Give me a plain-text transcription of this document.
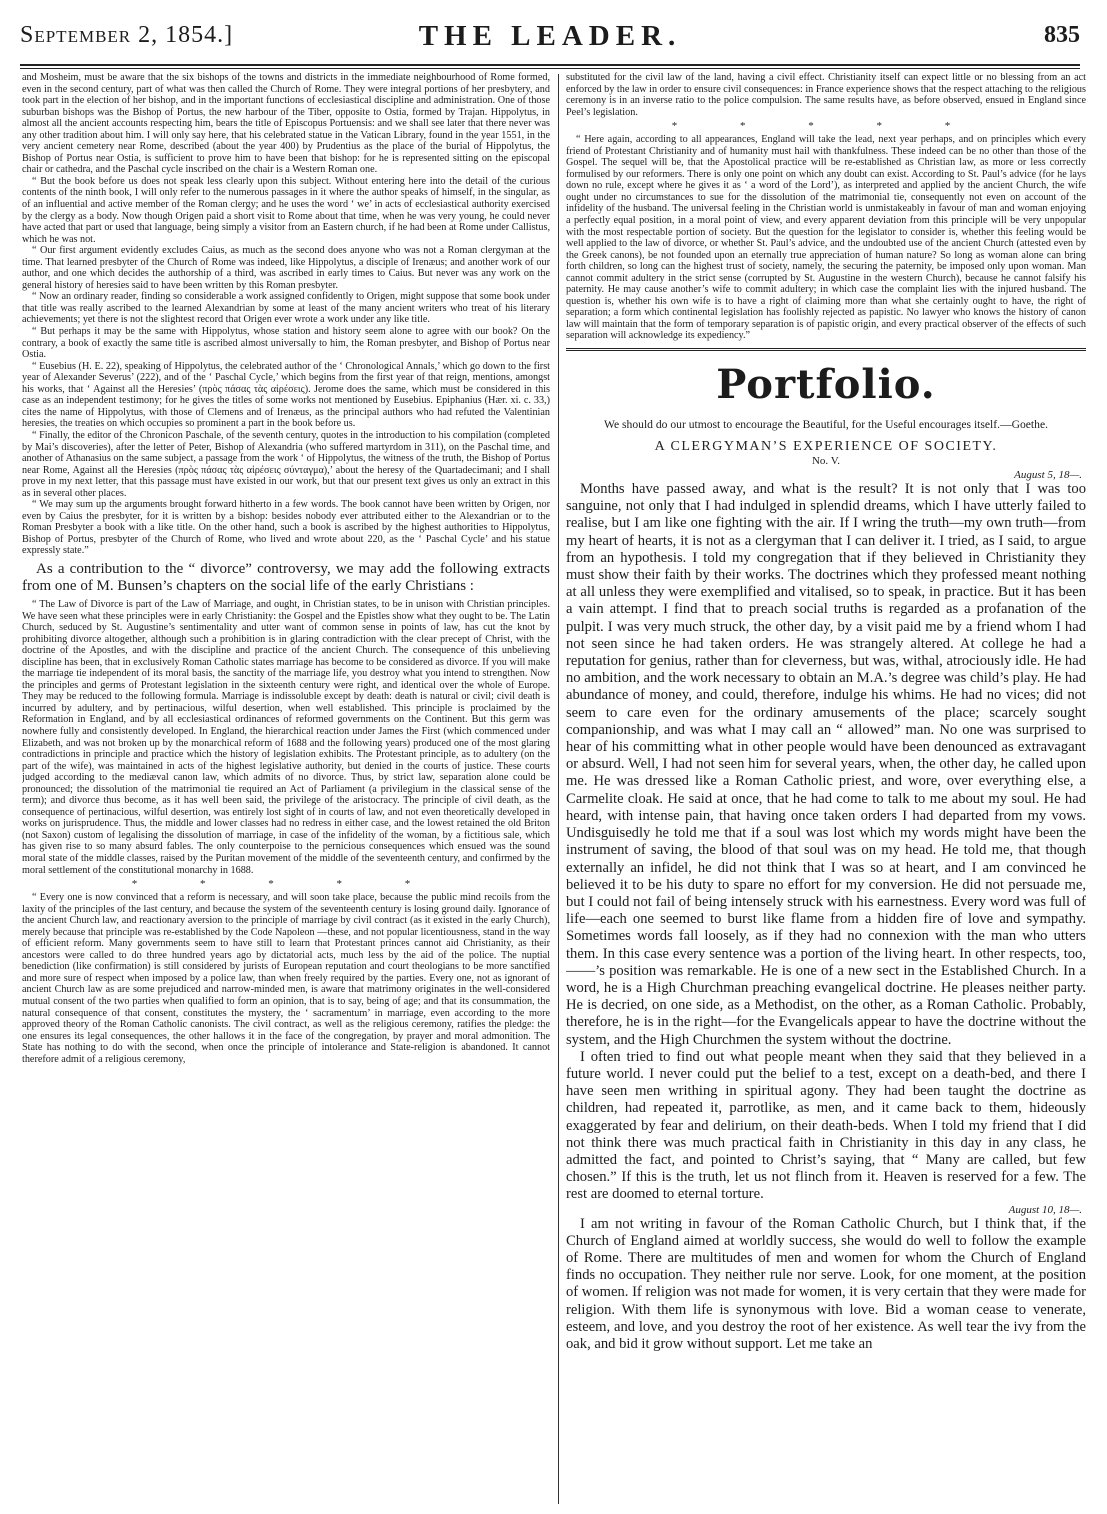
September 2, 1854.]	THE LEADER.	835

and Mosheim, must be aware that the six bishops of the towns and districts in the immediate neighbourhood of Rome formed, even in the second century, part of what was then called the Church of Rome. They were integral portions of her presbytery, and took part in the election of her bishop, and in the important functions of ecclesiastical discipline and administration. One of those suburban bishops was the Bishop of Portus, the new harbour of the Tiber, opposite to Ostia, formed by Trajan. Hippolytus, in almost all the ancient accounts respecting him, bears the title of Episcopus Portuensis: and we shall see later that there never was any other tradition about him. I will only say here, that his celebrated statue in the Vatican Library, found in the year 1551, in the very ancient cemetery near Rome, described (about the year 400) by Prudentius as the place of the burial of Hippolytus, the Bishop of Portus near Ostia, is sufficient to prove him to have been that bishop: for he is represented sitting on the episcopal chair or cathedra, and the Paschal cycle inscribed on the chair is a Western Roman one.

“ But the book before us does not speak less clearly upon this subject. Without entering here into the detail of the curious contents of the ninth book, I will only refer to the numerous passages in it where the author speaks of himself, in the singular, as of an influential and active member of the Roman clergy; and he uses the word ‘ we’ in acts of ecclesiastical authority exercised by the clergy as a body. Now though Origen paid a short visit to Rome about that time, when he was very young, he could never have acted that part or used that language, being simply a visitor from an Eastern church, if he had been at Rome under Callistus, which he was not.

“ Our first argument evidently excludes Caius, as much as the second does anyone who was not a Roman clergyman at the time. That learned presbyter of the Church of Rome was indeed, like Hippolytus, a disciple of Irenæus; and another work of our author, and one which decides the authorship of a third, was ascribed in early times to Caius. But never was any work on the general history of heresies said to have been written by this Roman presbyter.

“ Now an ordinary reader, finding so considerable a work assigned confidently to Origen, might suppose that some book under that title was really ascribed to the learned Alexandrian by some at least of the many ancient writers who treat of his literary achievements; yet there is not the slightest record that Origen ever wrote a work under any like title.

“ But perhaps it may be the same with Hippolytus, whose station and history seem alone to agree with our book? On the contrary, a book of exactly the same title is ascribed almost universally to him, the Roman presbyter, and Bishop of Portus near Ostia.

“ Eusebius (H. E. 22), speaking of Hippolytus, the celebrated author of the ‘ Chronological Annals,’ which go down to the first year of Alexander Severus’ (222), and of the ‘ Paschal Cycle,’ which begins from the first year of that reign, mentions, amongst his works, that ‘ Against all the Heresies’ (πρὸς πάσας τὰς αἱρέσεις). Jerome does the same, which must be considered in this case as an independent testimony; for he gives the titles of some works not mentioned by Eusebius. Epiphanius (Hær. xi. c. 33,) cites the name of Hippolytus, with those of Clemens and of Irenæus, as the principal authors who had refuted the Valentinian heresies, the treaties on which occupies so prominent a part in the book before us.

“ Finally, the editor of the Chronicon Paschale, of the seventh century, quotes in the introduction to his compilation (completed by Mai’s discoveries), after the letter of Peter, Bishop of Alexandria (who suffered martyrdom in 311), on the Paschal time, and another of Athanasius on the same subject, a passage from the work ‘ of Hippolytus, the witness of the truth, the Bishop of Portus near Rome, Against all the Heresies (πρὸς πάσας τὰς αἱρέσεις σύνταγμα),’ about the heresy of the Quartadecimani; and I shall prove in my next letter, that this passage must have existed in our work, but that our present text gives us only an extract in this as in several other places.

“ We may sum up the arguments brought forward hitherto in a few words. The book cannot have been written by Origen, nor even by Caius the presbyter, for it is written by a bishop: besides nobody ever attributed either to the Alexandrian or to the Roman Presbyter a book with a like title. On the other hand, such a book is ascribed by the highest authorities to Hippolytus, Bishop of Portus, presbyter of the Church of Rome, who lived and wrote about 220, as the ‘ Paschal Cycle’ and his statue expressly state.”

As a contribution to the “ divorce” controversy, we may add the following extracts from one of M. Bunsen’s chapters on the social life of the early Christians :

“ The Law of Divorce is part of the Law of Marriage, and ought, in Christian states, to be in unison with Christian principles. We have seen what these principles were in early Christianity: the Gospel and the Epistles show what they ought to be. The Latin Church, seduced by St. Augustine’s sentimentality and utter want of common sense in points of law, has cut the knot by prohibiting divorce altogether, although such a prohibition is in glaring contradiction with the clear precept of Christ, with the doctrine of the Apostles, and with the discipline and practice of the ancient Church. The consequence of this unbelieving discipline has been, that in exclusively Roman Catholic states marriage has become to be considered as divorce. If you will make the marriage tie independent of its moral basis, the sanctity of the marriage life, you destroy what you intend to strengthen. Now the principles and germs of Protestant legislation in the sixteenth century were right, and identical over the whole of Europe. They may be reduced to the following formula. Marriage is indissoluble except by death: death is natural or civil; civil death is incurred by adultery, and by pertinacious, wilful desertion, when well established. This principle is proclaimed by the Reformation in England, and by all ecclesiastical ordinances of reformed governments on the Continent. But this germ was nowhere fully and consistently developed. In England, the hierarchical reaction under James the First (which commenced under Elizabeth, and was not broken up by the monarchical reform of 1688 and the following years) produced one of the most glaring contradictions in principle and practice which the history of legislation exhibits. The Protestant principle, as to adultery (on the part of the wife), was maintained in acts of the highest legislative authority, but denied in the courts of justice. These courts judged according to the mediæval canon law, which admits of no divorce. Thus, by strict law, separation alone could be pronounced; the dissolution of the matrimonial tie required an Act of Parliament (a privilegium in the classical sense of the term); and divorce thus become, as it has well been said, the privilege of the aristocracy. The principle of civil death, as the consequence of pertinacious, wilful desertion, was entirely lost sight of in courts of law, and not even theoretically developed in works on jurisprudence. Thus, the middle and lower classes had no redress in either case, and the lowest retained the old Briton (not Saxon) custom of legalising the dissolution of marriage, in case of the infidelity of the woman, by a fictitious sale, which has given rise to so many absurd fables. The only counterpoise to the pernicious consequences which ensued was the sound moral state of the middle classes, raised by the Puritan movement of the middle of the seventeenth century, and confirmed by the moral settlement of the constitutional monarchy in 1688.

* * * * *

“ Every one is now convinced that a reform is necessary, and will soon take place, because the public mind recoils from the laxity of the principles of the last century, and because the system of the seventeenth century is losing ground daily. Ignorance of the ancient Church law, and reactionary aversion to the principle of marriage by civil contract (as it existed in the early Church), merely because that principle was re-established by the Code Napoleon —these, and not popular licentiousness, stand in the way of efficient reform. Many governments seem to have still to learn that Protestant princes cannot aid Christianity, as their ancestors were called to do three hundred years ago by dictatorial acts, much less by the aid of the police. The nuptial benediction (like confirmation) is still considered by jurists of European reputation and court theologians to be more sanctified and more sure of respect when imposed by a police law, than when freely required by the parties. Every one, not as ignorant of ancient Church law as are some prejudiced and narrow-minded men, is aware that matrimony originates in the well-considered mutual consent of the two parties when qualified to form an opinion, that is to say, being of age; and that its consummation, the natural consequence of that consent, constitutes the mystery, the ‘ sacramentum’ in marriage, even according to the more approved theory of the Roman Catholic canonists. The civil contract, as well as the religious ceremony, ratifies the pledge: the one ensures its legal consequences, the other hallows it in the face of the congregation, by prayer and moral admonition. The State has nothing to do with the second, when once the principle of intolerance and State-religion is abandoned. It cannot therefore admit of a religious ceremony,

substituted for the civil law of the land, having a civil effect. Christianity itself can expect little or no blessing from an act enforced by the law in order to ensure civil consequences: in France experience shows that the respect attaching to the religious ceremony is in an inverse ratio to the police compulsion. The same results have, as before observed, ensued in England since Peel’s legislation.

* * * * *

“ Here again, according to all appearances, England will take the lead, next year perhaps, and on principles which every friend of Protestant Christianity and of humanity must hail with thankfulness. These indeed can be no other than those of the Gospel. The sequel will be, that the Apostolical practice will be re-established as Christian law, as more or less correctly formulised by our reformers. There is only one point on which any doubt can exist. According to St. Paul’s advice (for he lays down no rule, except where he gives it as ‘ a word of the Lord’), as interpreted and applied by the ancient Church, the wife ought under no circumstances to sue for the dissolution of the matrimonial tie, consequently not even on account of the infidelity of the husband. The universal feeling in the Christian world is unmistakeably in favour of man and woman enjoying a perfectly equal position, in a moral point of view, and every apparent deviation from this principle will be very unpopular with the most respectable portion of society. But the question for the legislator to consider is, whether this feeling would be well applied to the law of divorce, or whether St. Paul’s advice, and the undoubted use of the ancient Church (attested even by the Greek canons), be not founded upon an eternally true appreciation of human nature? So long as woman alone can bring forth children, so long can the highest trust of society, namely, the securing the paternity, be imposed only upon woman. Man cannot commit adultery in the strict sense (corrupted by St. Augustine in the western Church), because he cannot falsify his paternity. He may cause another’s wife to commit adultery; in which case the complaint lies with the injured husband. The question is, whether his own wife is to have a right of claiming more than what she certainly ought to have, the right of separation; a form which continental legislation has foolishly rejected as papistic. No lawyer who knows the history of canon law will maintain that the form of temporary separation is of papistic origin, and every practical observer of the effects of such separation will acknowledge its expediency.”

Portfolio.
We should do our utmost to encourage the Beautiful, for the Useful encourages itself.—Goethe.
A CLERGYMAN’S EXPERIENCE OF SOCIETY.
No. V.
August 5, 18—.

Months have passed away, and what is the result? It is not only that I was too sanguine, not only that I had indulged in splendid dreams, which I have utterly failed to realise, but I am like one fighting with the air. If I wring the truth—my own truth—from my heart of hearts, it is not as a clergyman that I can deliver it. I tried, as I said, to argue from an hypothesis. I told my congregation that if they believed in Christianity they must show their faith by their works. The doctrines which they professed meant nothing at all unless they were exemplified and vitalised, so to speak, in practice. But it has been a vain attempt. I find that to preach social truths is regarded as a profanation of the pulpit. I was very much struck, the other day, by a visit paid me by a friend whom I had not seen since he had taken orders. He was strangely altered. At college he had a reputation for genius, rather than for cleverness, but was, withal, atrociously idle. He had no ambition, and the work necessary to obtain an M.A.’s degree was child’s play. He had abundance of money, and could, therefore, indulge his whims. He had no vices; did not seem to care even for the ordinary amusements of the place; scarcely sought companionship, and was what I may call an “ allowed” man. No one was surprised to hear of his committing what in other people would have been denounced as extravagant or absurd. Well, I had not seen him for several years, when, the other day, he called upon me. He was dressed like a Roman Catholic priest, and wore, over everything else, a Carmelite cloak. He said at once, that he had come to talk to me about my soul. He had heard, with intense pain, that having once taken orders I had departed from my vows. Undisguisedly he told me that if a soul was lost which my words might have been the instrument of saving, the blood of that soul was on my head. He told me, that though externally an infidel, he did not think that I was so at heart, and I am convinced he believed it to be his duty to spare no effort for my conversion. He did not persuade me, but I could not fail of being intensely struck with his earnestness. Every word was full of life—each one seemed to burst like flame from a hidden fire of love and sympathy. Sometimes words fall loosely, as if they had no connexion with the man who utters them. In this case every sentence was a portion of the living heart. In other respects, too, ——’s position was remarkable. He is one of a new sect in the Established Church. In a word, he is a High Churchman preaching evangelical doctrine. He pleases neither party. He is decried, on one side, as a Methodist, on the other, as a Roman Catholic. Probably, therefore, he is in the right—for the Evangelicals appear to have the doctrine without the system, and the High Churchmen the system without the doctrine.

I often tried to find out what people meant when they said that they believed in a future world. I never could put the belief to a test, except on a death-bed, and there I have seen men writhing in spiritual agony. They had been taught the doctrine as children, had repeated it, parrotlike, as men, and it came back to them, hideously exaggerated by fear and delirium, on their death-beds. When I told my friend that I did not think there was much practical faith in Christianity in this day in any class, he admitted the fact, and pointed to Christ’s saying, that “ Many are called, but few chosen.” If this is the truth, let us not flinch from it. Heaven is reserved for a few. The rest are doomed to eternal torture.

August 10, 18—.

I am not writing in favour of the Roman Catholic Church, but I think that, if the Church of England aimed at worldly success, she would do well to follow the example of Rome. There are multitudes of men and women for whom the Church of England finds no occupation. They neither rule nor serve. Look, for one moment, at the position of women. If religion was not made for women, it is very certain that they were made for religion. With them life is synonymous with love. Bid a woman cease to venerate, esteem, and love, and you destroy the root of her existence. As well tear the ivy from the oak, and bid it grow without support. Let me take an
